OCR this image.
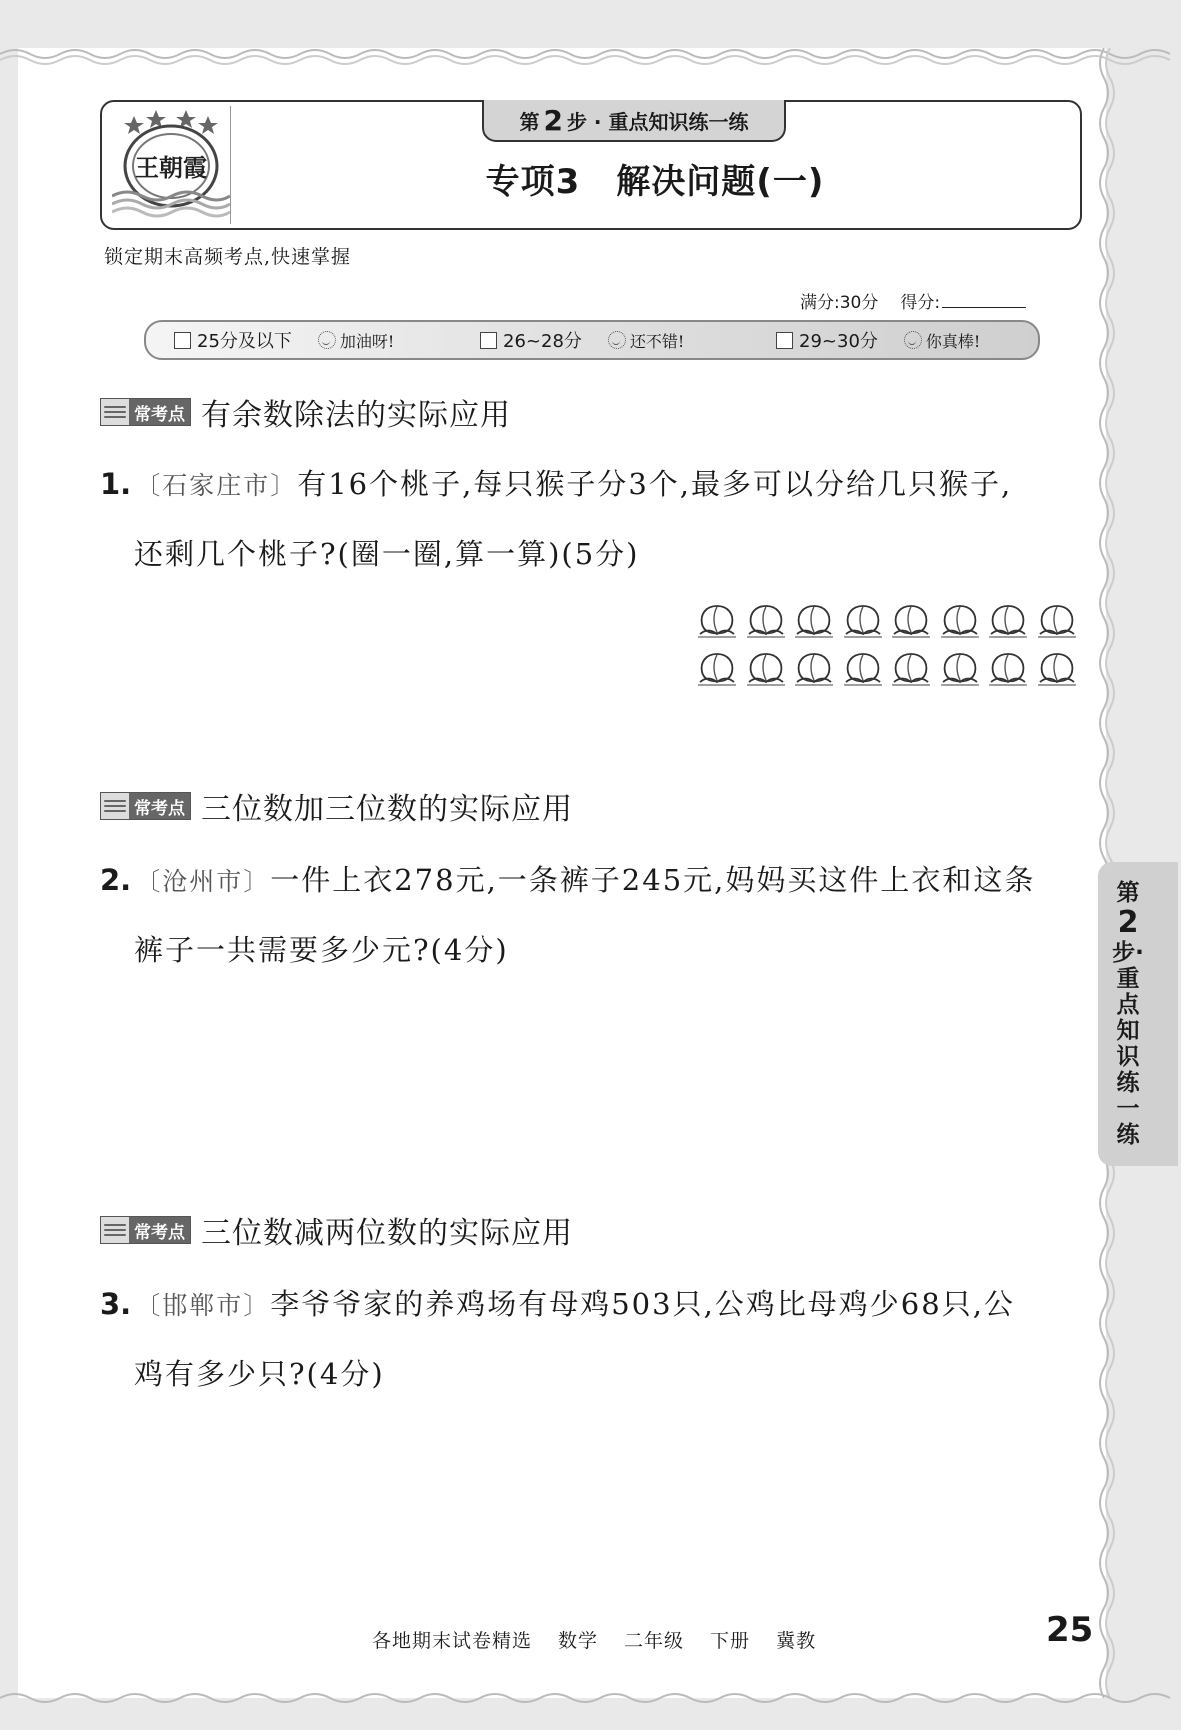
王朝霞
第 2 步 · 重点知识练一练
专项3 解决问题(一)
锁定期末高频考点,快速掌握
满分:30分 得分:
25分及以下	加油呀!	26~28分	还不错!	29~30分	你真棒!
常考点 有余数除法的实际应用
1. 〔石家庄市〕有16个桃子,每只猴子分3个,最多可以分给几只猴子,
还剩几个桃子?(圈一圈,算一算)(5分)
常考点 三位数加三位数的实际应用
2. 〔沧州市〕一件上衣278元,一条裤子245元,妈妈买这件上衣和这条
裤子一共需要多少元?(4分)
常考点 三位数减两位数的实际应用
3. 〔邯郸市〕李爷爷家的养鸡场有母鸡503只,公鸡比母鸡少68只,公
鸡有多少只?(4分)
第
2
步·
重
点
知
识
练
一
练
各地期末试卷精选 数学 二年级 下册 冀教	25
